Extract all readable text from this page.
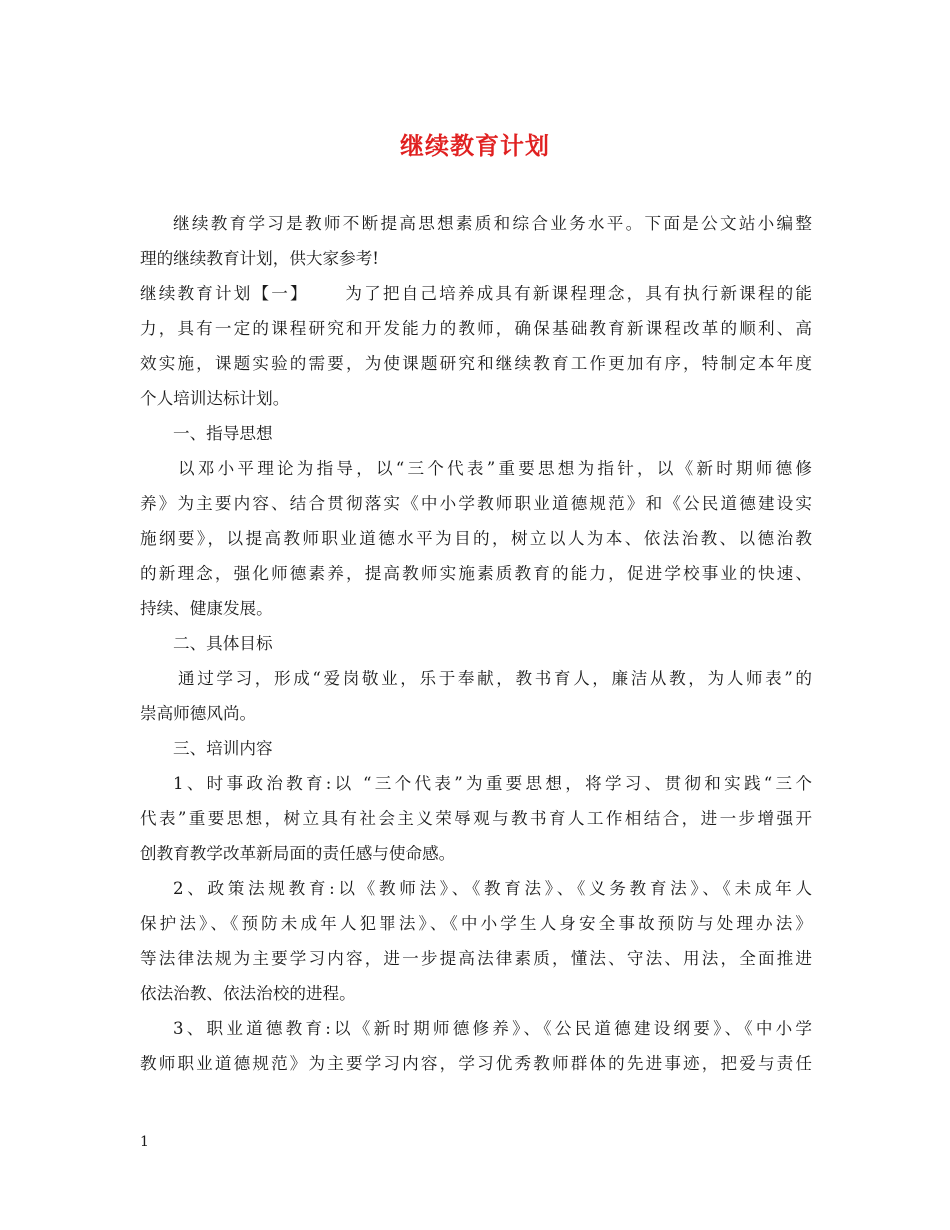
继续教育计划
继续教育学习是教师不断提高思想素质和综合业务水平。下面是公文站小编整
理的继续教育计划，供大家参考!
继续教育计划【一】　　 为了把自己培养成具有新课程理念，具有执行新课程的能
力，具有一定的课程研究和开发能力的教师，确保基础教育新课程改革的顺利、高
效实施，课题实验的需要，为使课题研究和继续教育工作更加有序，特制定本年度
个人培训达标计划。
一、指导思想
以邓小平理论为指导，以“三个代表”重要思想为指针，以《新时期师德修
养》为主要内容、结合贯彻落实《中小学教师职业道德规范》和《公民道德建设实
施纲要》，以提高教师职业道德水平为目的，树立以人为本、依法治教、以德治教
的新理念，强化师德素养，提高教师实施素质教育的能力，促进学校事业的快速、
持续、健康发展。
二、具体目标
通过学习，形成“爱岗敬业，乐于奉献，教书育人，廉洁从教，为人师表”的
崇高师德风尚。
三、培训内容
1、时事政治教育:以 “三个代表”为重要思想，将学习、贯彻和实践“三个
代表”重要思想，树立具有社会主义荣辱观与教书育人工作相结合，进一步增强开
创教育教学改革新局面的责任感与使命感。
2、政策法规教育:以《教师法》、《教育法》、《义务教育法》、《未成年人
保护法》、《预防未成年人犯罪法》、《中小学生人身安全事故预防与处理办法》
等法律法规为主要学习内容，进一步提高法律素质，懂法、守法、用法，全面推进
依法治教、依法治校的进程。
3、职业道德教育:以《新时期师德修养》、《公民道德建设纲要》、《中小学
教师职业道德规范》为主要学习内容，学习优秀教师群体的先进事迹，把爱与责任
1
